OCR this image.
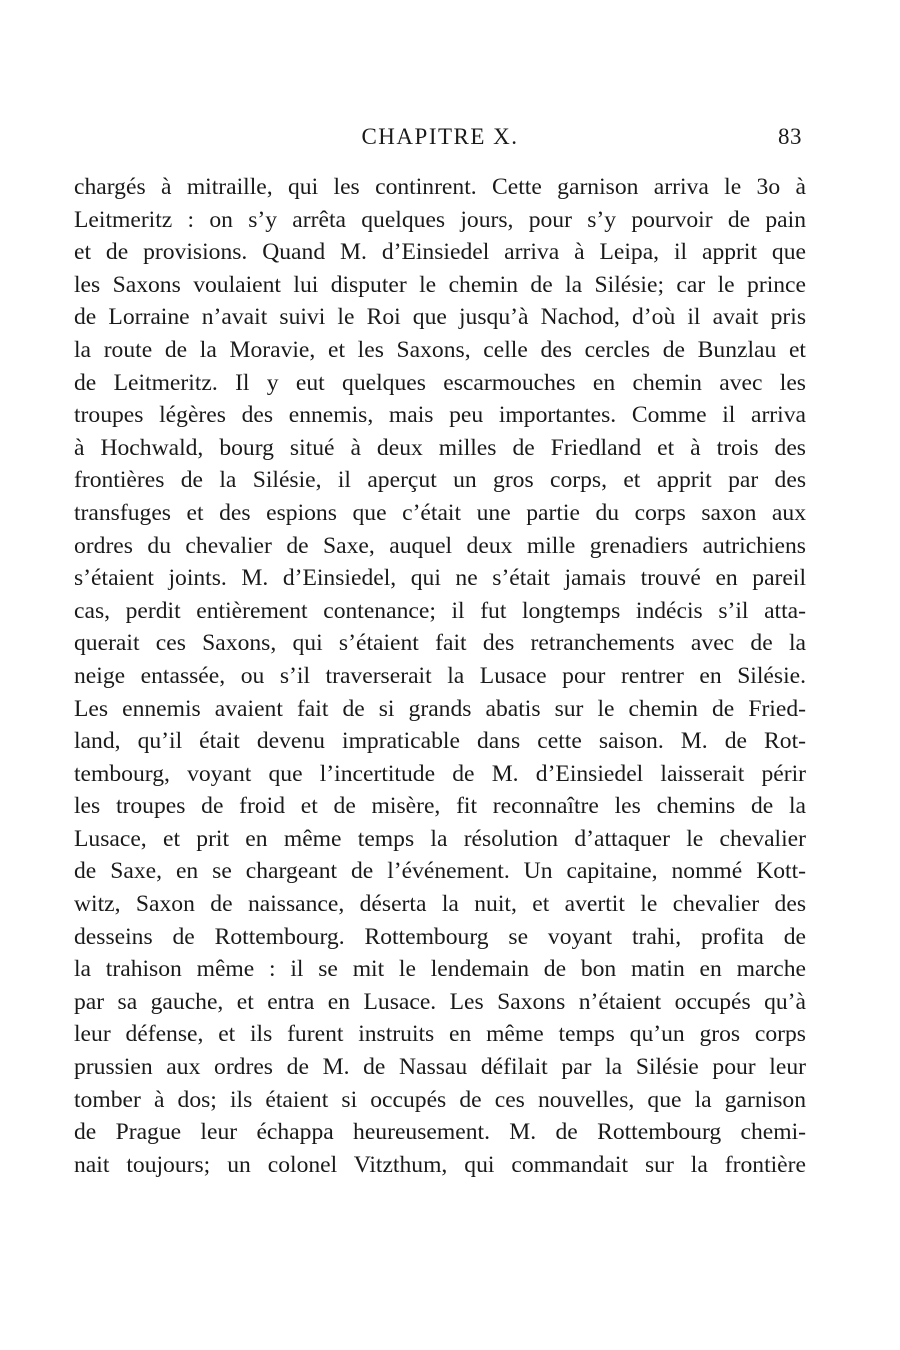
CHAPITRE X.	83
chargés à mitraille, qui les continrent. Cette garnison arriva le 3o à
Leitmeritz : on s’y arrêta quelques jours, pour s’y pourvoir de pain
et de provisions. Quand M. d’Einsiedel arriva à Leipa, il apprit que
les Saxons voulaient lui disputer le chemin de la Silésie; car le prince
de Lorraine n’avait suivi le Roi que jusqu’à Nachod, d’où il avait pris
la route de la Moravie, et les Saxons, celle des cercles de Bunzlau et
de Leitmeritz. Il y eut quelques escarmouches en chemin avec les
troupes légères des ennemis, mais peu importantes. Comme il arriva
à Hochwald, bourg situé à deux milles de Friedland et à trois des
frontières de la Silésie, il aperçut un gros corps, et apprit par des
transfuges et des espions que c’était une partie du corps saxon aux
ordres du chevalier de Saxe, auquel deux mille grenadiers autrichiens
s’étaient joints. M. d’Einsiedel, qui ne s’était jamais trouvé en pareil
cas, perdit entièrement contenance; il fut longtemps indécis s’il atta-
querait ces Saxons, qui s’étaient fait des retranchements avec de la
neige entassée, ou s’il traverserait la Lusace pour rentrer en Silésie.
Les ennemis avaient fait de si grands abatis sur le chemin de Fried-
land, qu’il était devenu impraticable dans cette saison. M. de Rot-
tembourg, voyant que l’incertitude de M. d’Einsiedel laisserait périr
les troupes de froid et de misère, fit reconnaître les chemins de la
Lusace, et prit en même temps la résolution d’attaquer le chevalier
de Saxe, en se chargeant de l’événement. Un capitaine, nommé Kott-
witz, Saxon de naissance, déserta la nuit, et avertit le chevalier des
desseins de Rottembourg. Rottembourg se voyant trahi, profita de
la trahison même : il se mit le lendemain de bon matin en marche
par sa gauche, et entra en Lusace. Les Saxons n’étaient occupés qu’à
leur défense, et ils furent instruits en même temps qu’un gros corps
prussien aux ordres de M. de Nassau défilait par la Silésie pour leur
tomber à dos; ils étaient si occupés de ces nouvelles, que la garnison
de Prague leur échappa heureusement. M. de Rottembourg chemi-
nait toujours; un colonel Vitzthum, qui commandait sur la frontière
